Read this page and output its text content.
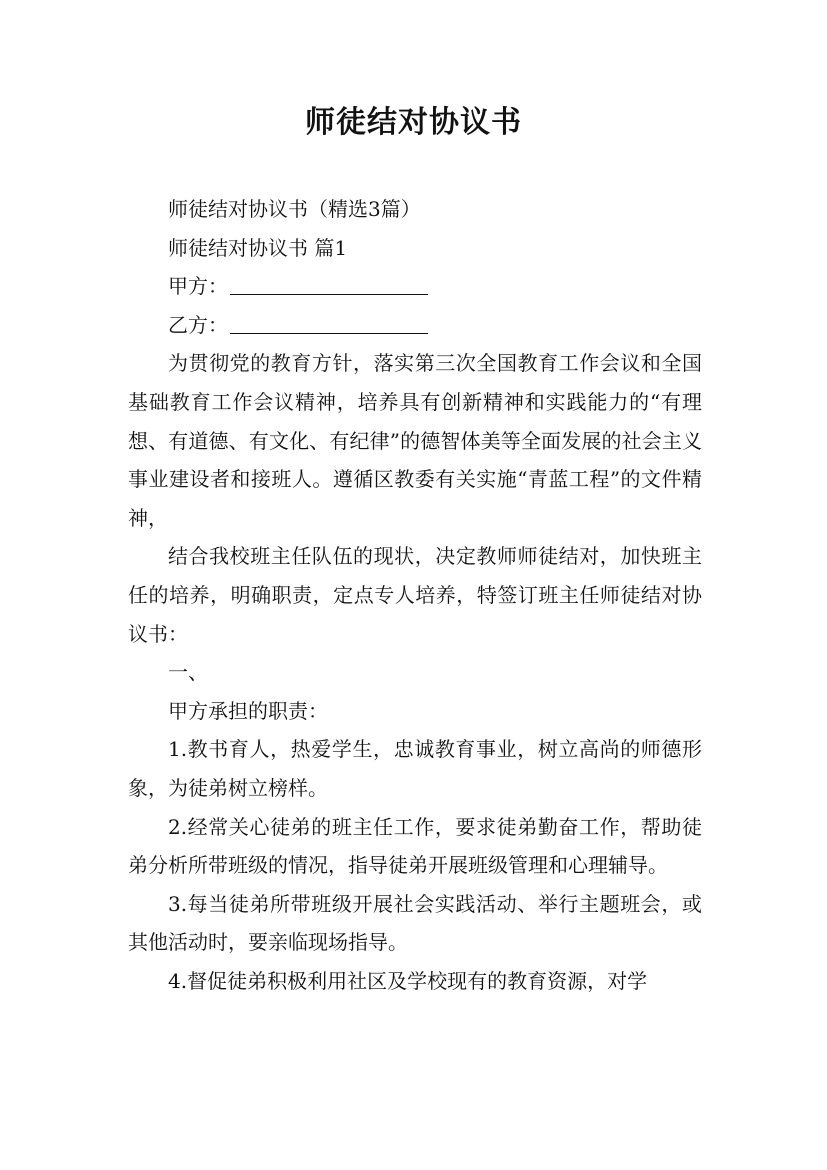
师徒结对协议书

师徒结对协议书（精选3篇）

师徒结对协议书 篇1

甲方：

乙方：

为贯彻党的教育方针，落实第三次全国教育工作会议和全国基础教育工作会议精神，培养具有创新精神和实践能力的“有理想、有道德、有文化、有纪律”的德智体美等全面发展的社会主义事业建设者和接班人。遵循区教委有关实施“青蓝工程”的文件精神，

结合我校班主任队伍的现状，决定教师师徒结对，加快班主任的培养，明确职责，定点专人培养，特签订班主任师徒结对协议书：

一、

甲方承担的职责：

1.教书育人，热爱学生，忠诚教育事业，树立高尚的师德形象，为徒弟树立榜样。

2.经常关心徒弟的班主任工作，要求徒弟勤奋工作，帮助徒弟分析所带班级的情况，指导徒弟开展班级管理和心理辅导。

3.每当徒弟所带班级开展社会实践活动、举行主题班会，或其他活动时，要亲临现场指导。

4.督促徒弟积极利用社区及学校现有的教育资源，对学
